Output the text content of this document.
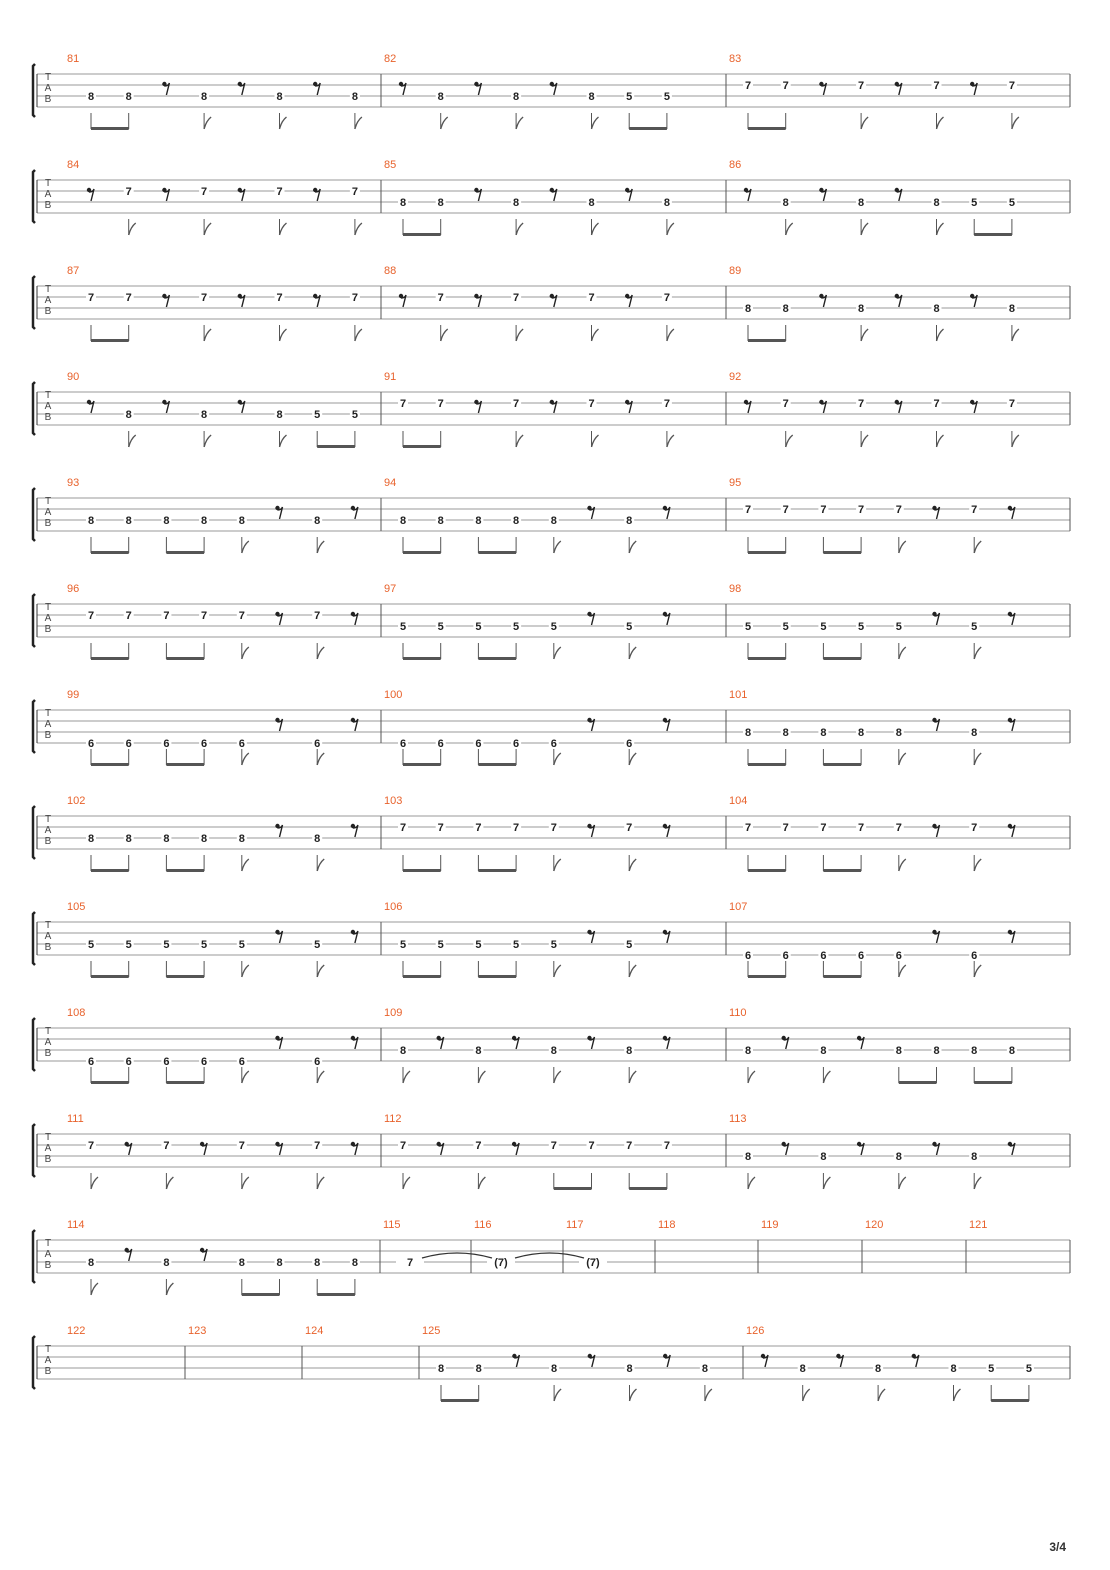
T
A
B
81
8	8	8	8	8
82
8	8	8	5	5
83
7	7	7	7	7
T
A
B
84
7	7	7	7
85
8	8	8	8	8
86
8	8	8	5	5
T
A
B
87
7	7	7	7	7
88
7	7	7	7
89
8	8	8	8	8
T
A
B
90
8	8	8	5	5
91
7	7	7	7	7
92
7	7	7	7
T
A
B
93
8	8	8	8	8	8
94
8	8	8	8	8	8
95
7	7	7	7	7	7
T
A
B
96
7	7	7	7	7	7
97
5	5	5	5	5	5
98
5	5	5	5	5	5
T
A
B
99
6	6	6	6	6	6
100
6	6	6	6	6	6
101
8	8	8	8	8	8
T
A
B
102
8	8	8	8	8	8
103
7	7	7	7	7	7
104
7	7	7	7	7	7
T
A
B
105
5	5	5	5	5	5
106
5	5	5	5	5	5
107
6	6	6	6	6	6
T
A
B
108
6	6	6	6	6	6
109
8	8	8	8
110
8	8	8	8	8	8
T
A
B
111
7	7	7	7
112
7	7	7	7	7	7
113
8	8	8	8
T
A
B
114
8	8	8	8	8	8
115
7
116
(7)
117
(7)
118	119	120	121
T
A
B
122	123	124	125
8	8	8	8	8
126
8	8	8	5	5
3/4
